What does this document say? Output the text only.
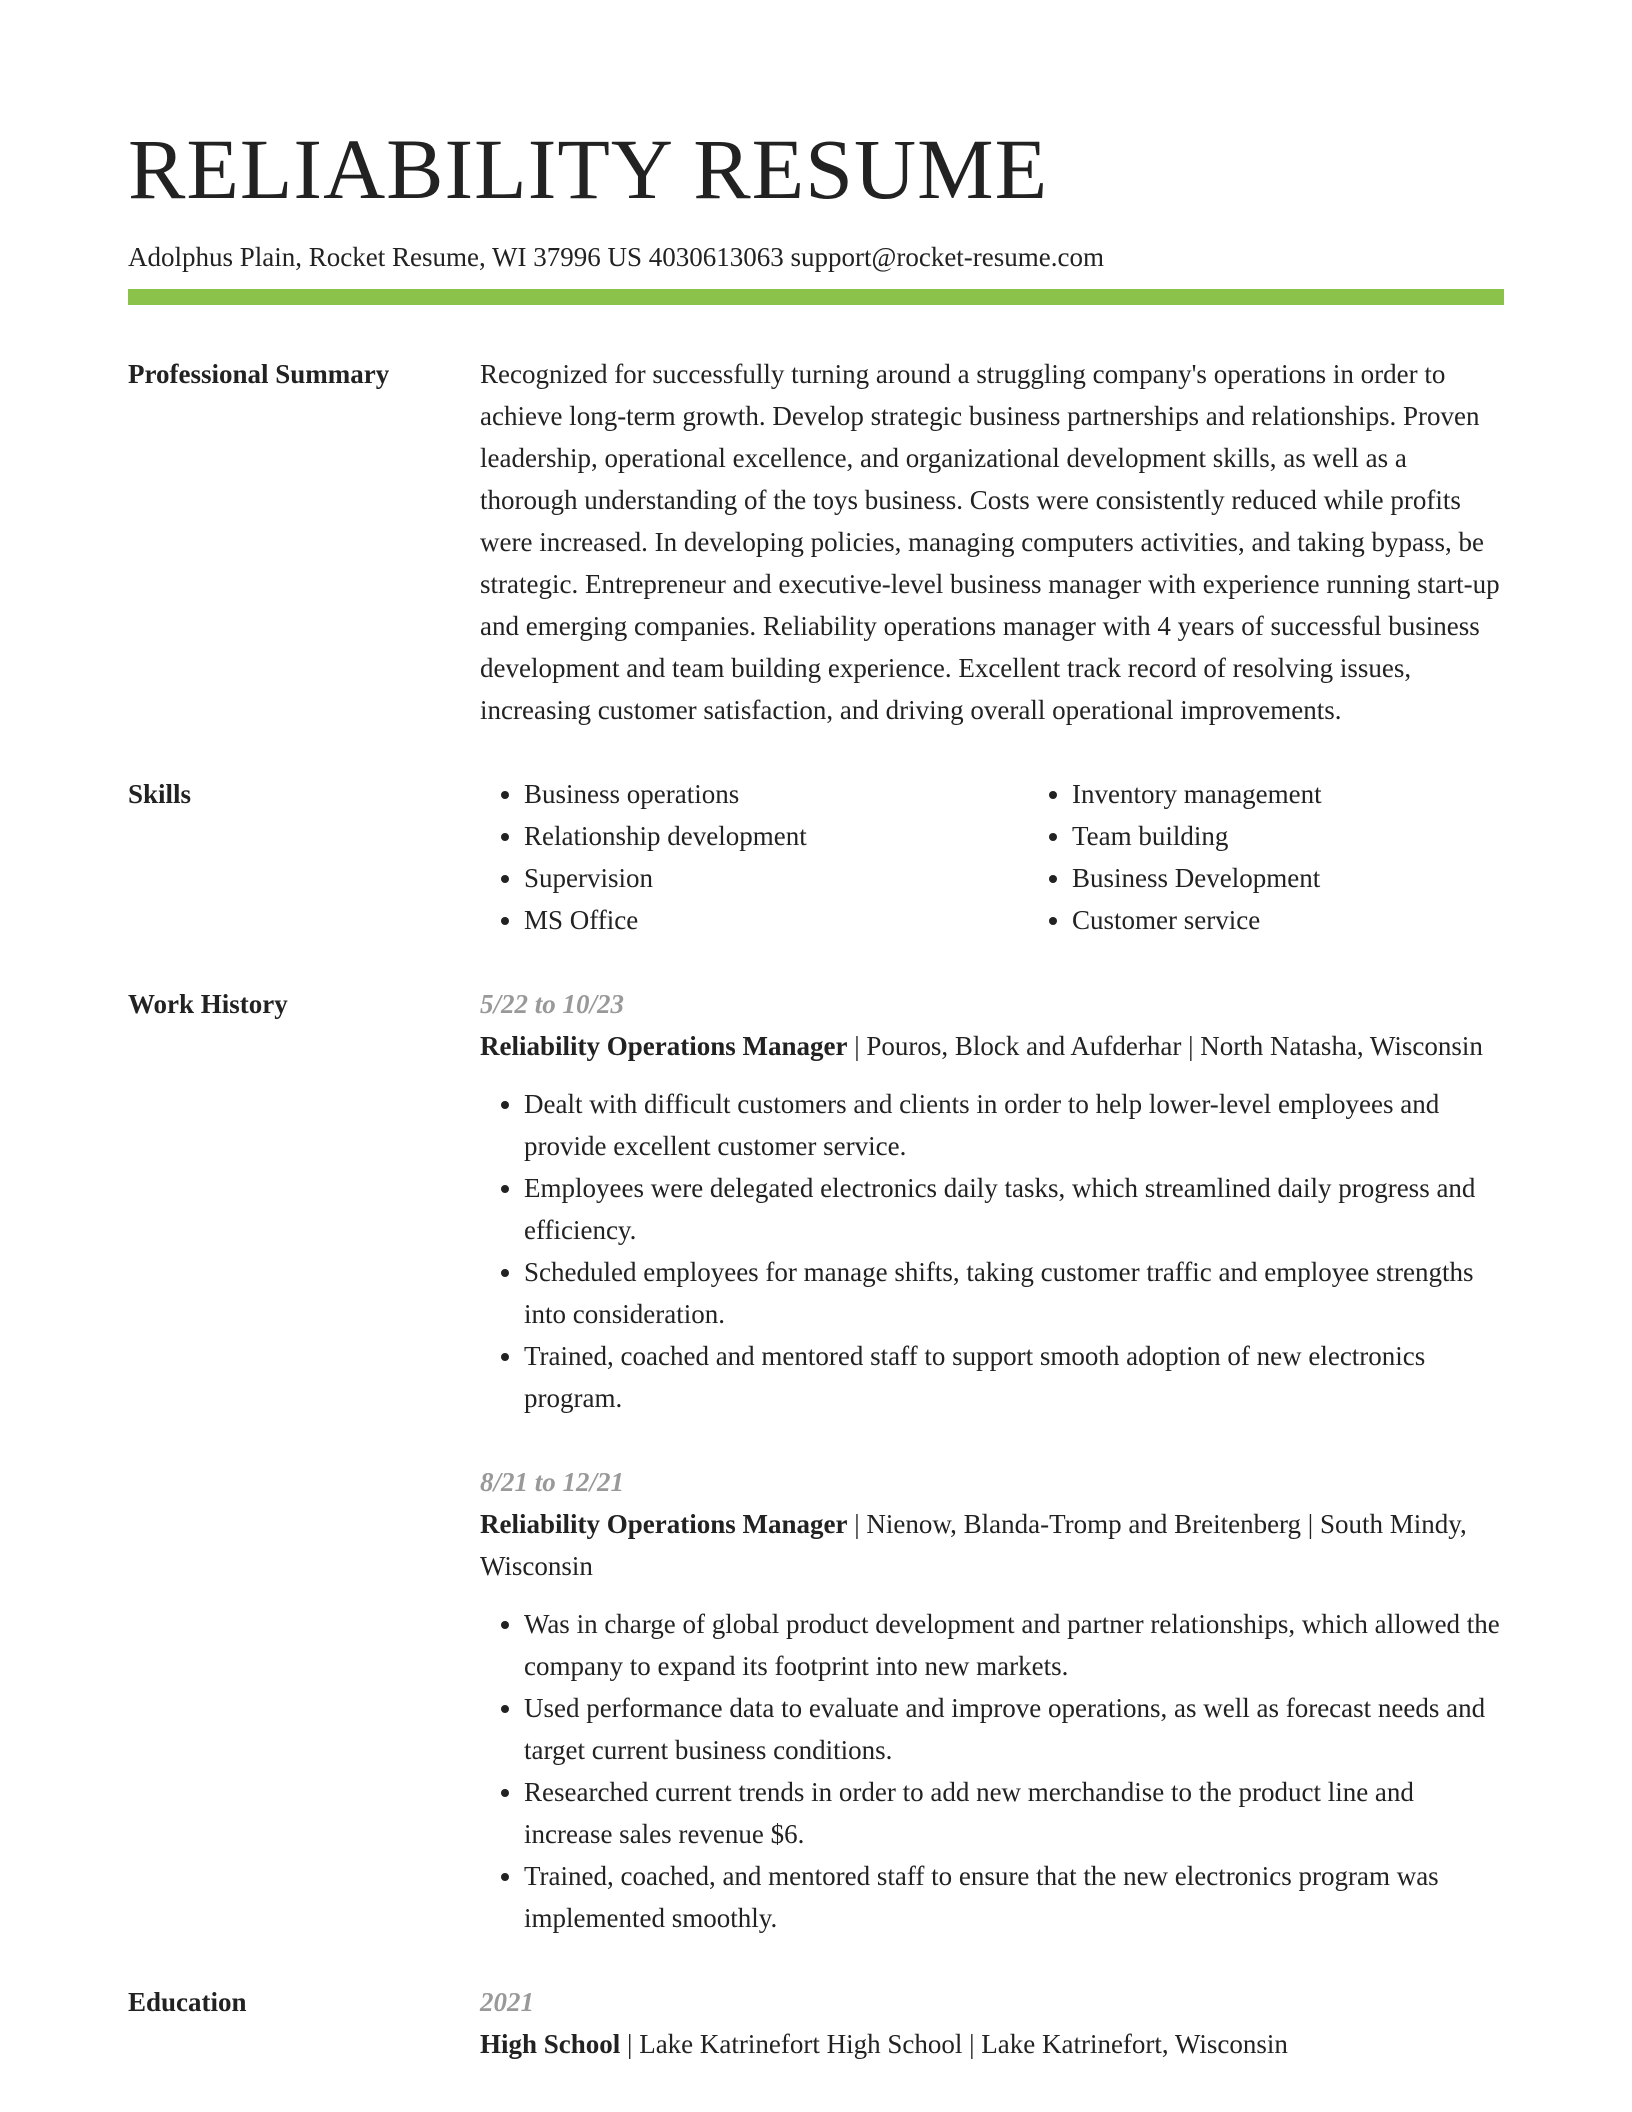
RELIABILITY RESUME
Adolphus Plain, Rocket Resume, WI 37996 US 4030613063 support@rocket-resume.com
Professional Summary	Recognized for successfully turning around a struggling company's operations in order to achieve long-term growth. Develop strategic business partnerships and relationships. Proven leadership, operational excellence, and organizational development skills, as well as a thorough understanding of the toys business. Costs were consistently reduced while profits were increased. In developing policies, managing computers activities, and taking bypass, be strategic. Entrepreneur and executive-level business manager with experience running start-up and emerging companies. Reliability operations manager with 4 years of successful business development and team building experience. Excellent track record of resolving issues, increasing customer satisfaction, and driving overall operational improvements.

Skills
•	Business operations
• Relationship development
• Supervision
• MS Office
• Inventory management
• Team building
• Business Development
• Customer service
Work History	5/22 to 10/23
Reliability Operations Manager | Pouros, Block and Aufderhar | North Natasha, Wisconsin
• Dealt with difficult customers and clients in order to help lower-level employees and provide excellent customer service.
• Employees were delegated electronics daily tasks, which streamlined daily progress and efficiency.
• Scheduled employees for manage shifts, taking customer traffic and employee strengths into consideration.
• Trained, coached and mentored staff to support smooth adoption of new electronics program.
8/21 to 12/21
Reliability Operations Manager | Nienow, Blanda-Tromp and Breitenberg | South Mindy, Wisconsin
• Was in charge of global product development and partner relationships, which allowed the company to expand its footprint into new markets.
• Used performance data to evaluate and improve operations, as well as forecast needs and target current business conditions.
• Researched current trends in order to add new merchandise to the product line and increase sales revenue $6.
• Trained, coached, and mentored staff to ensure that the new electronics program was implemented smoothly.
Education	2021
High School | Lake Katrinefort High School | Lake Katrinefort, Wisconsin
